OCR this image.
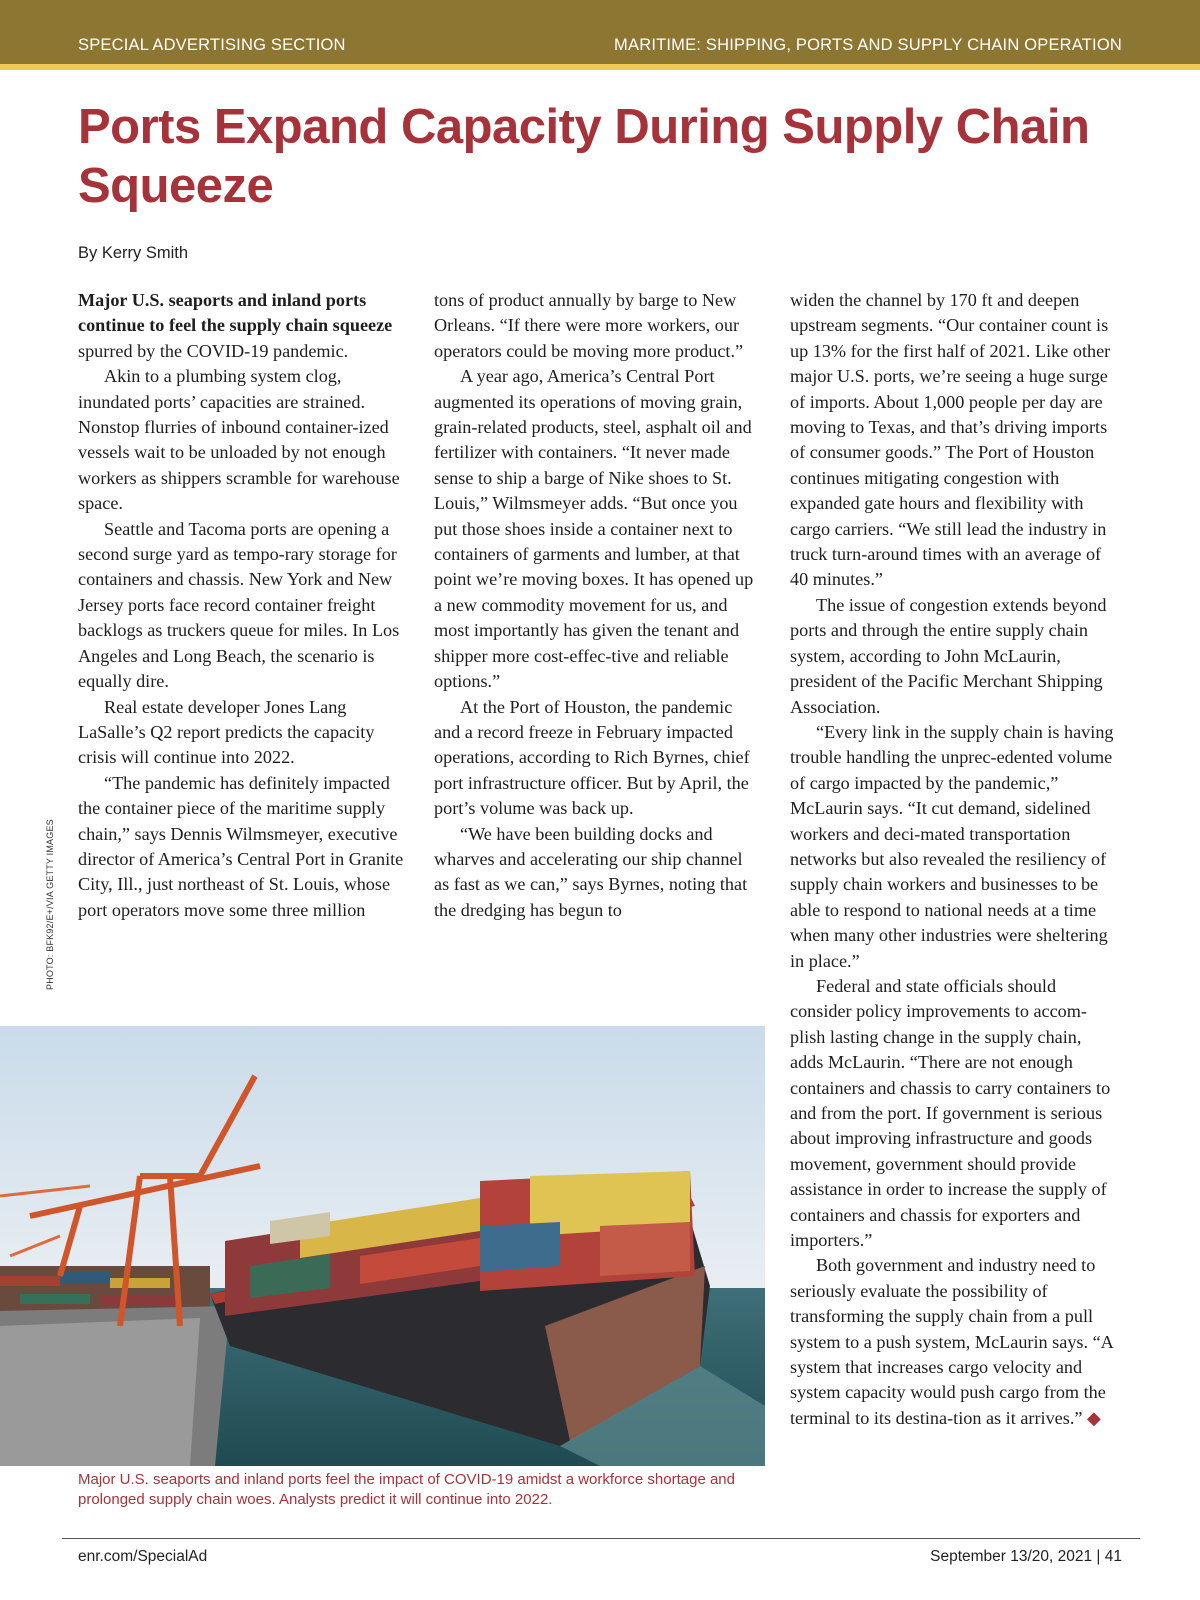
SPECIAL ADVERTISING SECTION	MARITIME: SHIPPING, PORTS AND SUPPLY CHAIN OPERATION
Ports Expand Capacity During Supply Chain Squeeze
By Kerry Smith

Major U.S. seaports and inland ports continue to feel the supply chain squeeze spurred by the COVID-19 pandemic.

Akin to a plumbing system clog, inundated ports’ capacities are strained. Nonstop flurries of inbound container-ized vessels wait to be unloaded by not enough workers as shippers scramble for warehouse space.

Seattle and Tacoma ports are opening a second surge yard as tempo-rary storage for containers and chassis. New York and New Jersey ports face record container freight backlogs as truckers queue for miles. In Los Angeles and Long Beach, the scenario is equally dire.

Real estate developer Jones Lang LaSalle’s Q2 report predicts the capacity crisis will continue into 2022.

“The pandemic has definitely impacted the container piece of the maritime supply chain,” says Dennis Wilmsmeyer, executive director of America’s Central Port in Granite City, Ill., just northeast of St. Louis, whose port operators move some three million

tons of product annually by barge to New Orleans. “If there were more workers, our operators could be moving more product.”

A year ago, America’s Central Port augmented its operations of moving grain, grain-related products, steel, asphalt oil and fertilizer with containers. “It never made sense to ship a barge of Nike shoes to St. Louis,” Wilmsmeyer adds. “But once you put those shoes inside a container next to containers of garments and lumber, at that point we’re moving boxes. It has opened up a new commodity movement for us, and most importantly has given the tenant and shipper more cost-effec-tive and reliable options.”

At the Port of Houston, the pandemic and a record freeze in February impacted operations, according to Rich Byrnes, chief port infrastructure officer. But by April, the port’s volume was back up.

“We have been building docks and wharves and accelerating our ship channel as fast as we can,” says Byrnes, noting that the dredging has begun to

widen the channel by 170 ft and deepen upstream segments. “Our container count is up 13% for the first half of 2021. Like other major U.S. ports, we’re seeing a huge surge of imports. About 1,000 people per day are moving to Texas, and that’s driving imports of consumer goods.” The Port of Houston continues mitigating congestion with expanded gate hours and flexibility with cargo carriers. “We still lead the industry in truck turn-around times with an average of 40 minutes.”

The issue of congestion extends beyond ports and through the entire supply chain system, according to John McLaurin, president of the Pacific Merchant Shipping Association.

“Every link in the supply chain is having trouble handling the unprec-edented volume of cargo impacted by the pandemic,” McLaurin says. “It cut demand, sidelined workers and deci-mated transportation networks but also revealed the resiliency of supply chain workers and businesses to be able to respond to national needs at a time when many other industries were sheltering in place.”

Federal and state officials should consider policy improvements to accom-plish lasting change in the supply chain, adds McLaurin. “There are not enough containers and chassis to carry containers to and from the port. If government is serious about improving infrastructure and goods movement, government should provide assistance in order to increase the supply of containers and chassis for exporters and importers.”

Both government and industry need to seriously evaluate the possibility of transforming the supply chain from a pull system to a push system, McLaurin says. “A system that increases cargo velocity and system capacity would push cargo from the terminal to its destina-tion as it arrives.” ◆

PHOTO: BFK92/E+/VIA GETTY IMAGES
Major U.S. seaports and inland ports feel the impact of COVID-19 amidst a workforce shortage and prolonged supply chain woes. Analysts predict it will continue into 2022.
enr.com/SpecialAd	September 13/20, 2021 | 41
